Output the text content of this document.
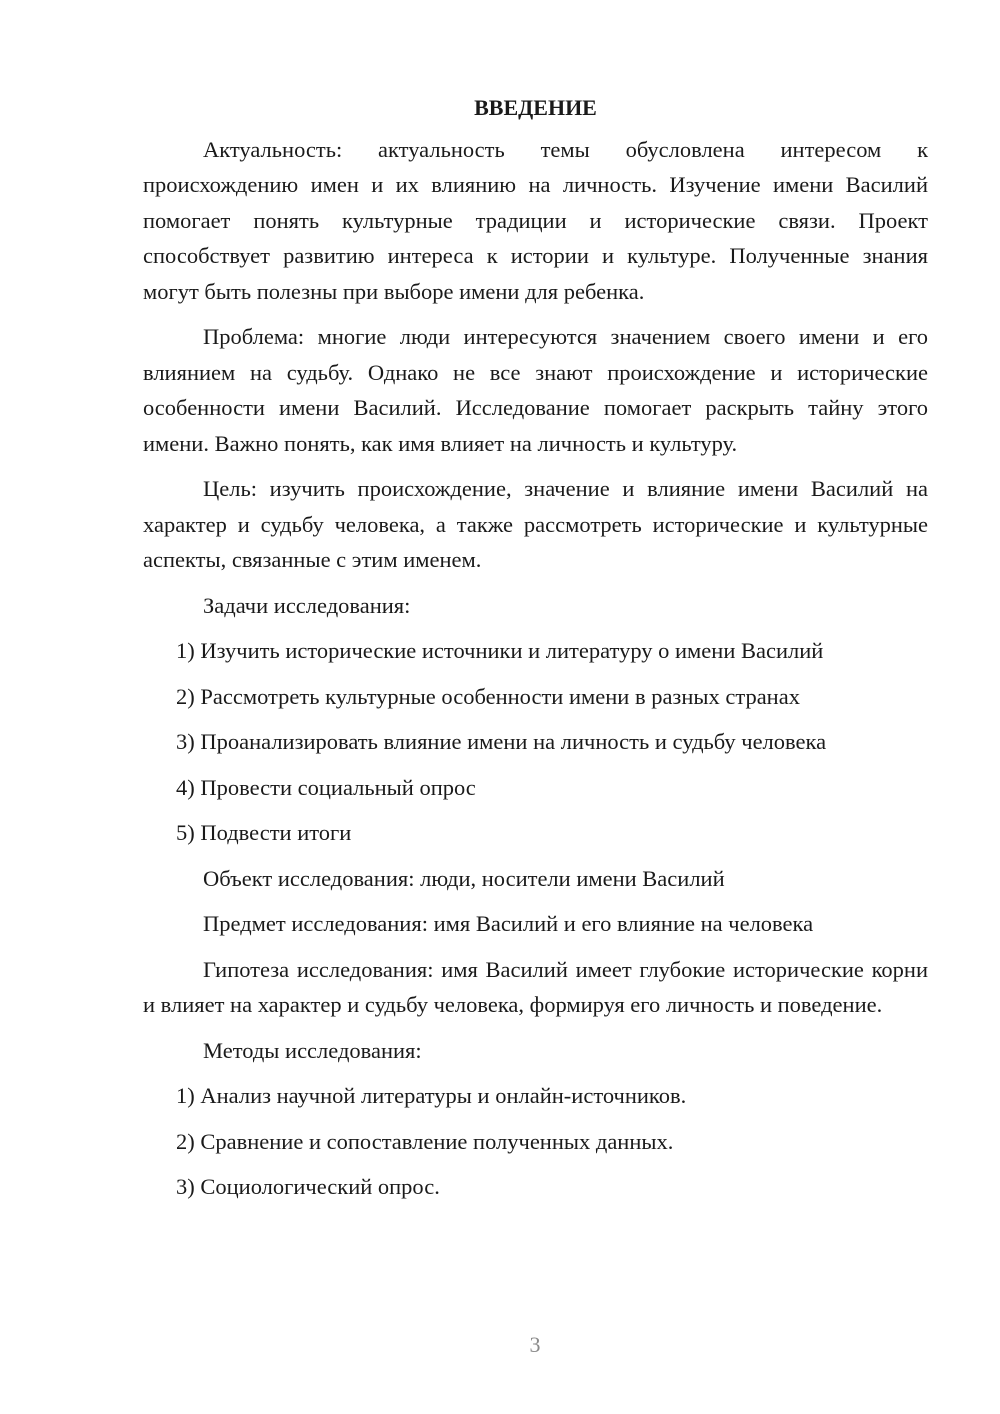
ВВЕДЕНИЕ

Актуальность: актуальность темы обусловлена интересом к происхождению имен и их влиянию на личность. Изучение имени Василий помогает понять культурные традиции и исторические связи. Проект способствует развитию интереса к истории и культуре. Полученные знания могут быть полезны при выборе имени для ребенка.

Проблема: многие люди интересуются значением своего имени и его влиянием на судьбу. Однако не все знают происхождение и исторические особенности имени Василий. Исследование помогает раскрыть тайну этого имени. Важно понять, как имя влияет на личность и культуру.

Цель: изучить происхождение, значение и влияние имени Василий на характер и судьбу человека, а также рассмотреть исторические и культурные аспекты, связанные с этим именем.

Задачи исследования:
1) Изучить исторические источники и литературу о имени Василий
2) Рассмотреть культурные особенности имени в разных странах
3) Проанализировать влияние имени на личность и судьбу человека
4) Провести социальный опрос
5) Подвести итоги
Объект исследования: люди, носители имени Василий
Предмет исследования: имя Василий и его влияние на человека

Гипотеза исследования: имя Василий имеет глубокие исторические корни и влияет на характер и судьбу человека, формируя его личность и поведение.

Методы исследования:
1) Анализ научной литературы и онлайн-источников.
2) Сравнение и сопоставление полученных данных.
3) Социологический опрос.
3
